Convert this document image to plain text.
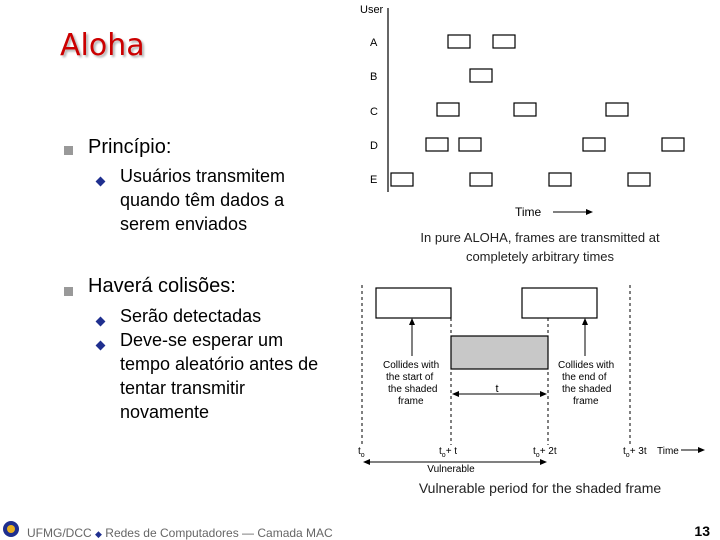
Aloha
Princípio:
Usuários transmitem
quando têm dados a
serem enviados
Haverá colisões:
Serão detectadas
Deve-se esperar um
tempo aleatório antes de
tentar transmitir
novamente
User
A
B
C
D
E
Time
In pure ALOHA, frames are transmitted at
completely arbitrary times
Collides with
the start of
the shaded
frame
Collides with
the end of
the shaded
frame
t
$t_o$	$t_o+ t$	$t_o+ 2t$	$t_o+ 3t$ Time
Vulnerable
Vulnerable period for the shaded frame
UFMG/DCC ◆ Redes de Computadores ― Camada MAC	13
